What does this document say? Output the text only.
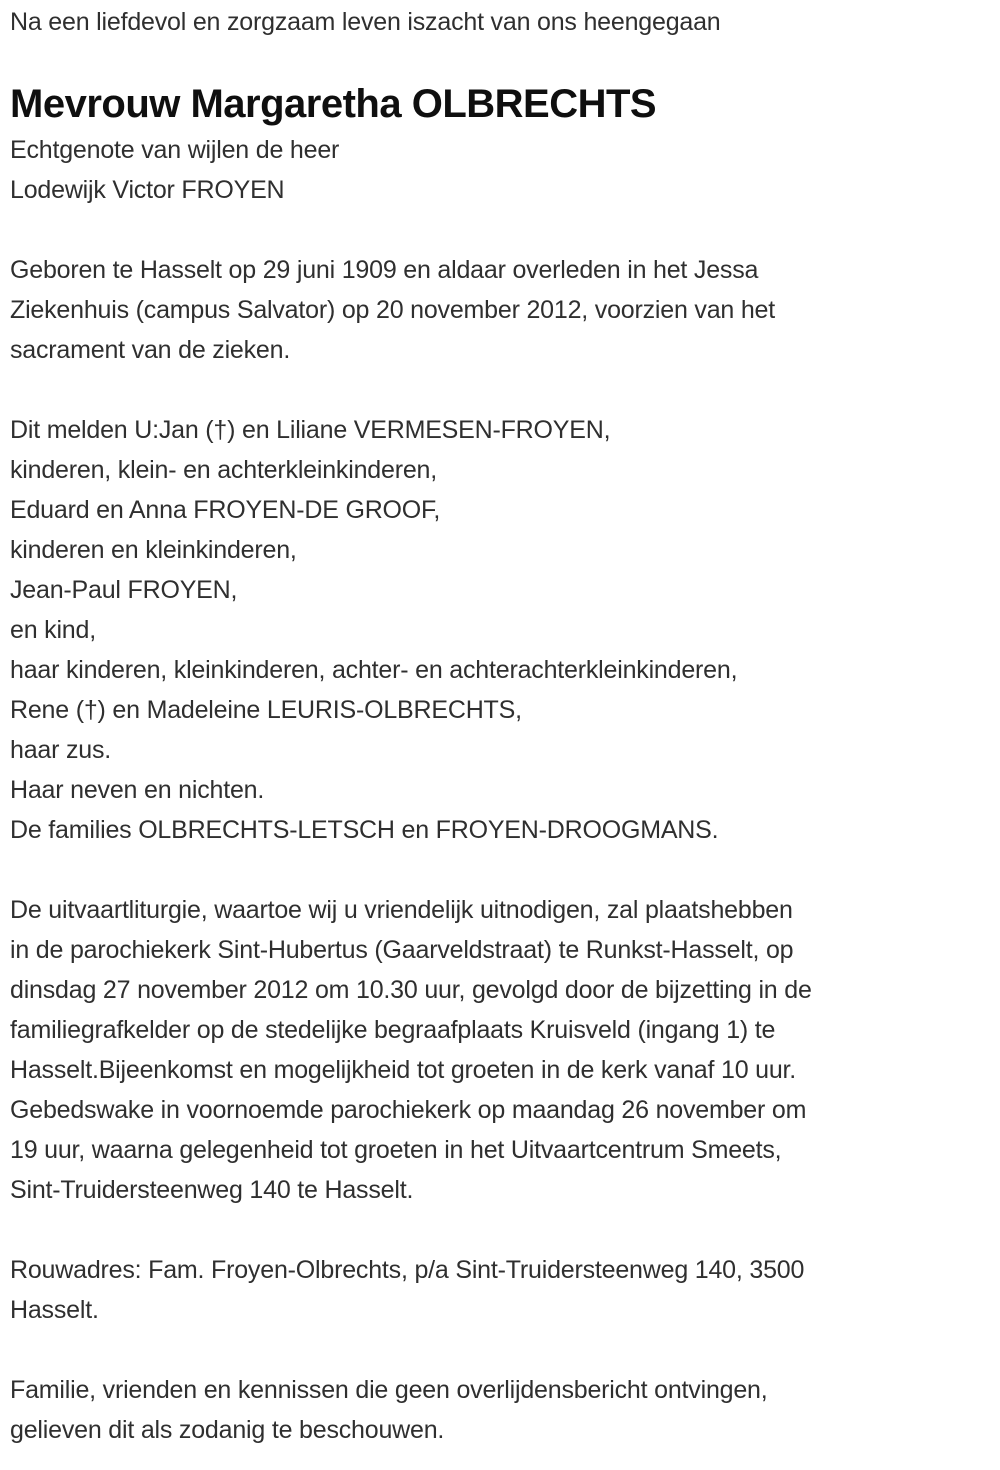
Na een liefdevol en zorgzaam leven iszacht van ons heengegaan
Mevrouw Margaretha OLBRECHTS
Echtgenote van wijlen de heer
Lodewijk Victor FROYEN
Geboren te Hasselt op 29 juni 1909 en aldaar overleden in het Jessa
Ziekenhuis (campus Salvator) op 20 november 2012, voorzien van het
sacrament van de zieken.
Dit melden U:Jan (†) en Liliane VERMESEN-FROYEN,
kinderen, klein- en achterkleinkinderen,
Eduard en Anna FROYEN-DE GROOF,
kinderen en kleinkinderen,
Jean-Paul FROYEN,
en kind,
haar kinderen, kleinkinderen, achter- en achterachterkleinkinderen,
Rene (†) en Madeleine LEURIS-OLBRECHTS,
haar zus.
Haar neven en nichten.
De families OLBRECHTS-LETSCH en FROYEN-DROOGMANS.
De uitvaartliturgie, waartoe wij u vriendelijk uitnodigen, zal plaatshebben
in de parochiekerk Sint-Hubertus (Gaarveldstraat) te Runkst-Hasselt, op
dinsdag 27 november 2012 om 10.30 uur, gevolgd door de bijzetting in de
familiegrafkelder op de stedelijke begraafplaats Kruisveld (ingang 1) te
Hasselt.Bijeenkomst en mogelijkheid tot groeten in de kerk vanaf 10 uur.
Gebedswake in voornoemde parochiekerk op maandag 26 november om
19 uur, waarna gelegenheid tot groeten in het Uitvaartcentrum Smeets,
Sint-Truidersteenweg 140 te Hasselt.
Rouwadres: Fam. Froyen-Olbrechts, p/a Sint-Truidersteenweg 140, 3500
Hasselt.
Familie, vrienden en kennissen die geen overlijdensbericht ontvingen,
gelieven dit als zodanig te beschouwen.
